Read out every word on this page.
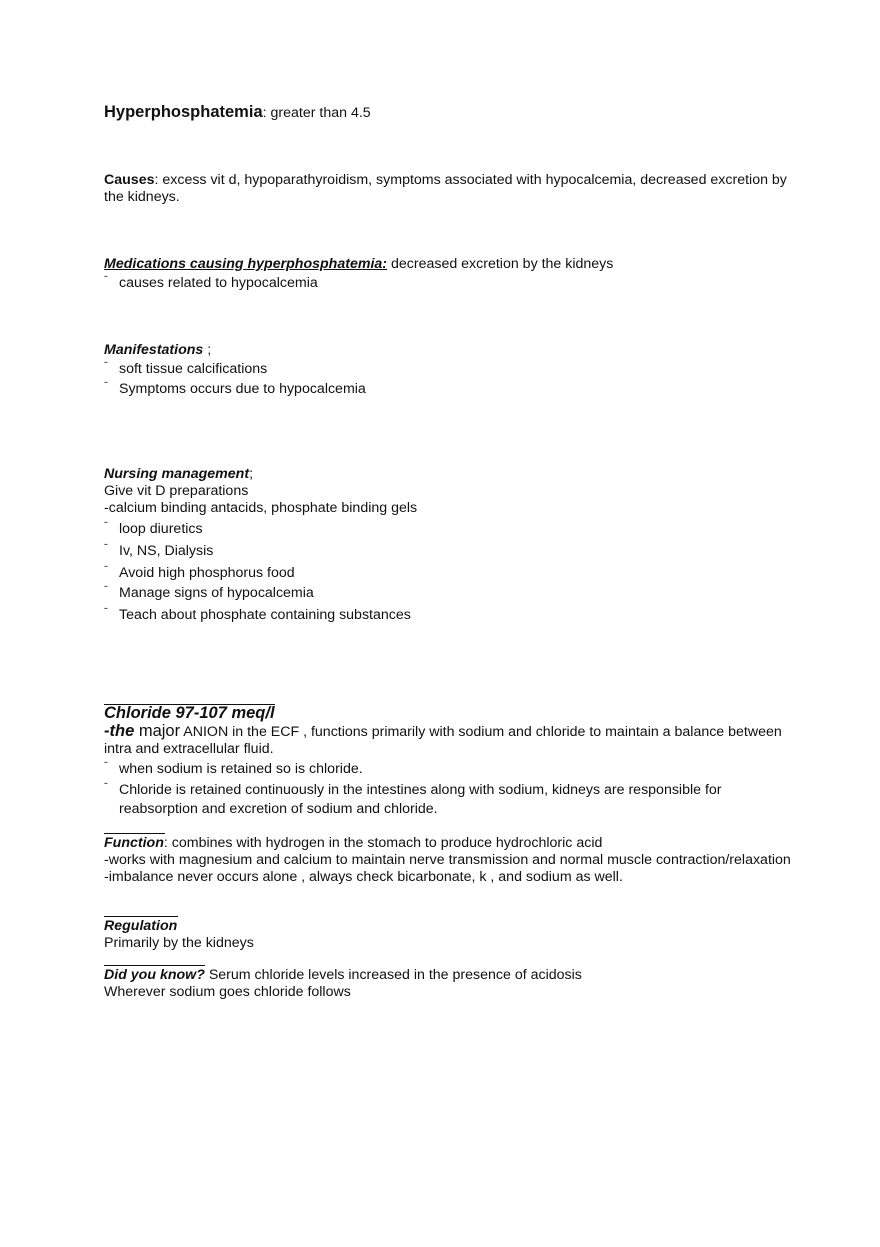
Hyperphosphatemia: greater than 4.5
Causes: excess vit d, hypoparathyroidism, symptoms associated with hypocalcemia, decreased excretion by the kidneys.

Medications causing hyperphosphatemia: decreased excretion by the kidneys

ˉ causes related to hypocalcemia

Manifestations ;

ˉ soft tissue calcifications

ˉ Symptoms occurs due to hypocalcemia

Nursing management;

Give vit D preparations

-calcium binding antacids, phosphate binding gels

ˉ loop diuretics

ˉ Iv, NS, Dialysis

ˉ Avoid high phosphorus food

ˉ Manage signs of hypocalcemia

ˉ Teach about phosphate containing substances

Chloride 97-107 meq/l

-the major ANION in the ECF , functions primarily with sodium and chloride to maintain a balance between intra and extracellular fluid.

ˉ when sodium is retained so is chloride.

ˉ Chloride is retained continuously in the intestines along with sodium, kidneys are responsible for reabsorption and excretion of sodium and chloride.

Function: combines with hydrogen in the stomach to produce hydrochloric acid

-works with magnesium and calcium to maintain nerve transmission and normal muscle contraction/relaxation

-imbalance never occurs alone , always check bicarbonate, k , and sodium as well.

Regulation

Primarily by the kidneys

Did you know? Serum chloride levels increased in the presence of acidosis

Wherever sodium goes chloride follows
